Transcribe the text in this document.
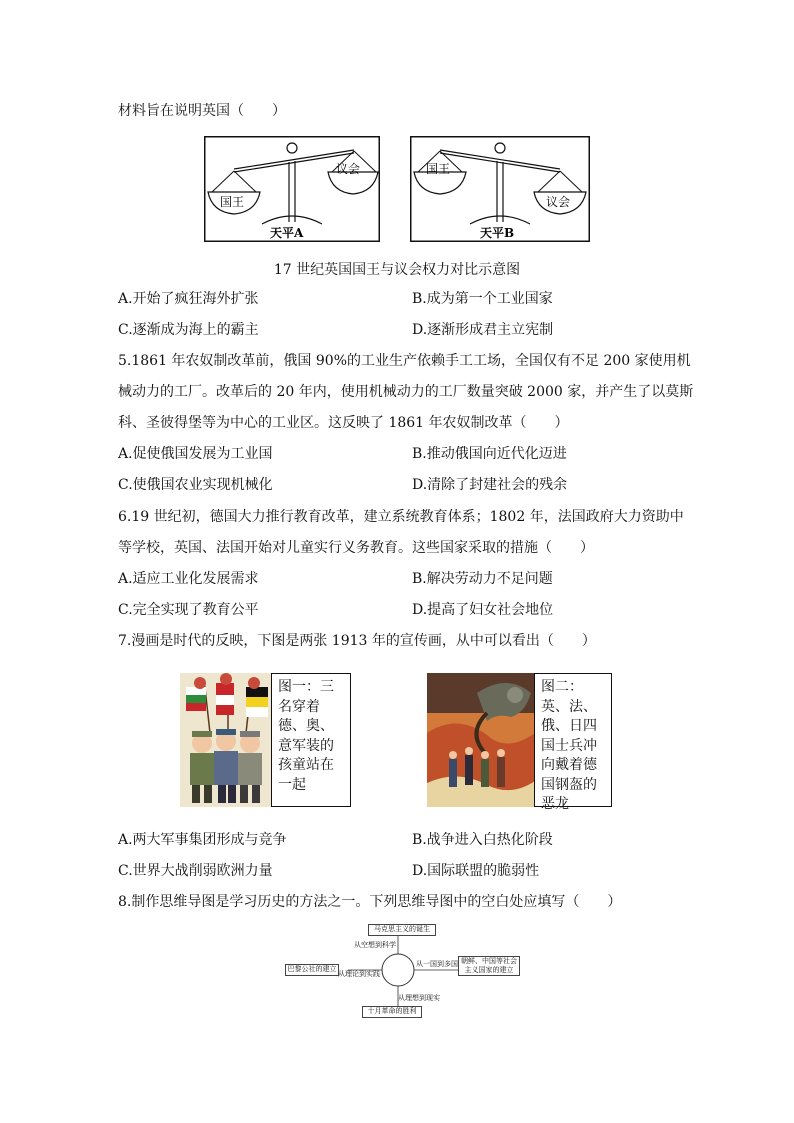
材料旨在说明英国（　　）
国王
议会
天平A
国王
议会
天平B
17 世纪英国国王与议会权力对比示意图
A.开始了疯狂海外扩张	B.成为第一个工业国家
C.逐渐成为海上的霸主	D.逐渐形成君主立宪制
5.1861 年农奴制改革前，俄国 90%的工业生产依赖手工工场，全国仅有不足 200 家使用机
械动力的工厂。改革后的 20 年内，使用机械动力的工厂数量突破 2000 家，并产生了以莫斯
科、圣彼得堡等为中心的工业区。这反映了 1861 年农奴制改革（　　）
A.促使俄国发展为工业国	B.推动俄国向近代化迈进
C.使俄国农业实现机械化	D.清除了封建社会的残余
6.19 世纪初，德国大力推行教育改革，建立系统教育体系；1802 年，法国政府大力资助中
等学校，英国、法国开始对儿童实行义务教育。这些国家采取的措施（　　）
A.适应工业化发展需求	B.解决劳动力不足问题
C.完全实现了教育公平	D.提高了妇女社会地位
7.漫画是时代的反映，下图是两张 1913 年的宣传画，从中可以看出（　　）
图一：三名穿着德、奥、意军装的孩童站在一起
图二：英、法、俄、日四国士兵冲向戴着德国钢盔的恶龙
A.两大军事集团形成与竞争	B.战争进入白热化阶段
C.世界大战削弱欧洲力量	D.国际联盟的脆弱性
8.制作思维导图是学习历史的方法之一。下列思维导图中的空白处应填写（　　）
马克思主义的诞生
从空想到科学
巴黎公社的建立
从理论到实践
从一国到多国 朝鲜、中国等社会主义国家的建立
从理想到现实
十月革命的胜利
